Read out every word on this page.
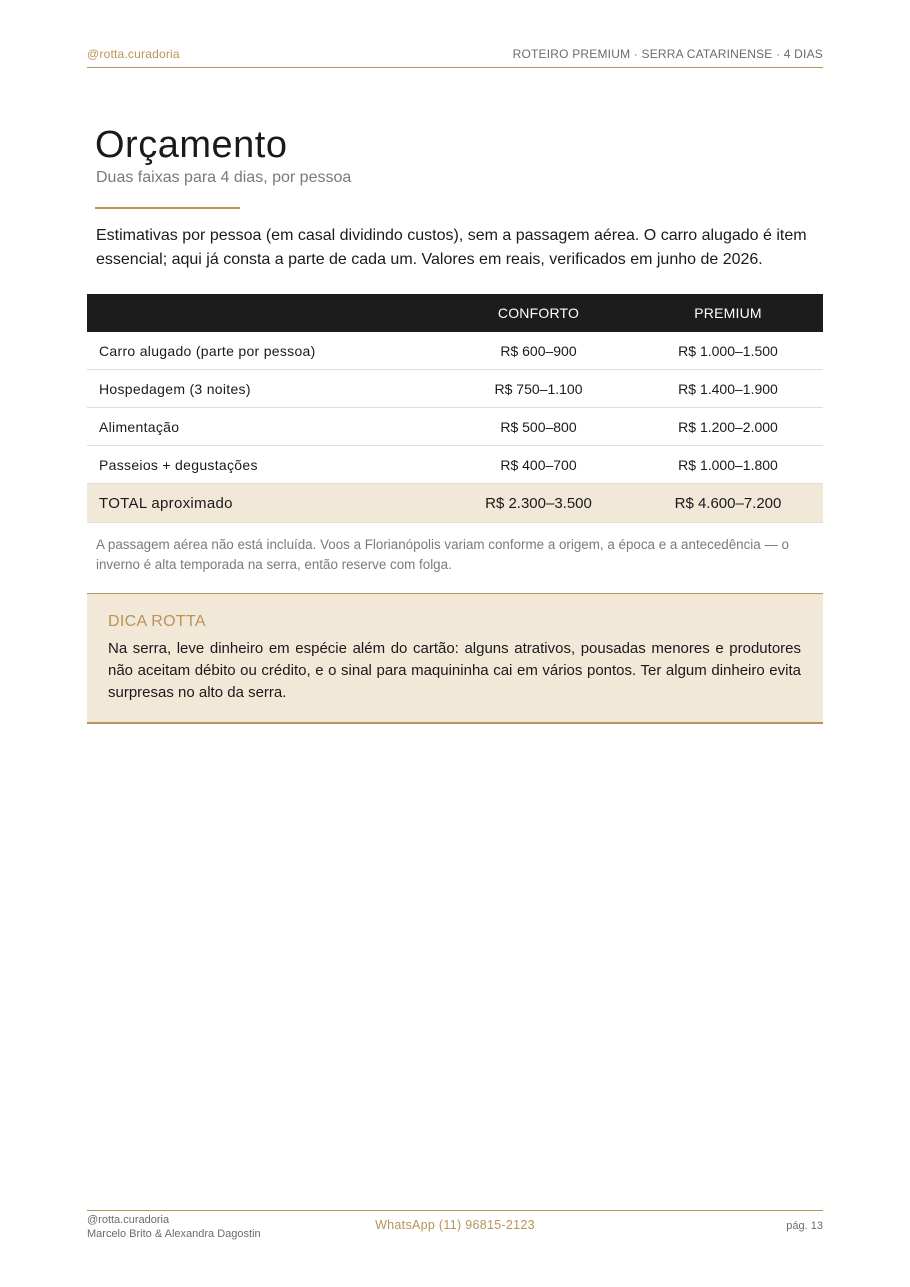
@rotta.curadoria	ROTEIRO PREMIUM · SERRA CATARINENSE · 4 DIAS
Orçamento

Duas faixas para 4 dias, por pessoa

Estimativas por pessoa (em casal dividindo custos), sem a passagem aérea. O carro alugado é item essencial; aqui já consta a parte de cada um. Valores em reais, verificados em junho de 2026.

	CONFORTO	PREMIUM
Carro alugado (parte por pessoa)	R$ 600–900	R$ 1.000–1.500
Hospedagem (3 noites)	R$ 750–1.100	R$ 1.400–1.900
Alimentação	R$ 500–800	R$ 1.200–2.000
Passeios + degustações	R$ 400–700	R$ 1.000–1.800
TOTAL aproximado	R$ 2.300–3.500	R$ 4.600–7.200

A passagem aérea não está incluída. Voos a Florianópolis variam conforme a origem, a época e a antecedência — o inverno é alta temporada na serra, então reserve com folga.

DICA ROTTA

Na serra, leve dinheiro em espécie além do cartão: alguns atrativos, pousadas menores e produtores não aceitam débito ou crédito, e o sinal para maquininha cai em vários pontos. Ter algum dinheiro evita surpresas no alto da serra.

@rotta.curadoria
Marcelo Brito & Alexandra Dagostin
WhatsApp (11) 96815-2123	pág. 13
